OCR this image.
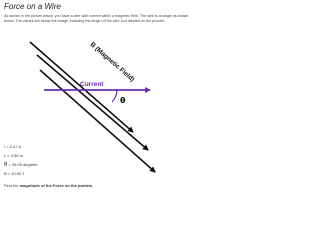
Force on a Wire
As shown in the picture below, you have a wire with current within a magnetic field. The wire is at angle as shown below. The values are below the image, including the length of the wire (not labeled on the picture).
B (Magnetic Field)
Current
θ
I = 2.47 A
L = 4.50 m
θ = 39.00 degrees
B = 10.00 T
Find the magnitude of the Force on the particle.
